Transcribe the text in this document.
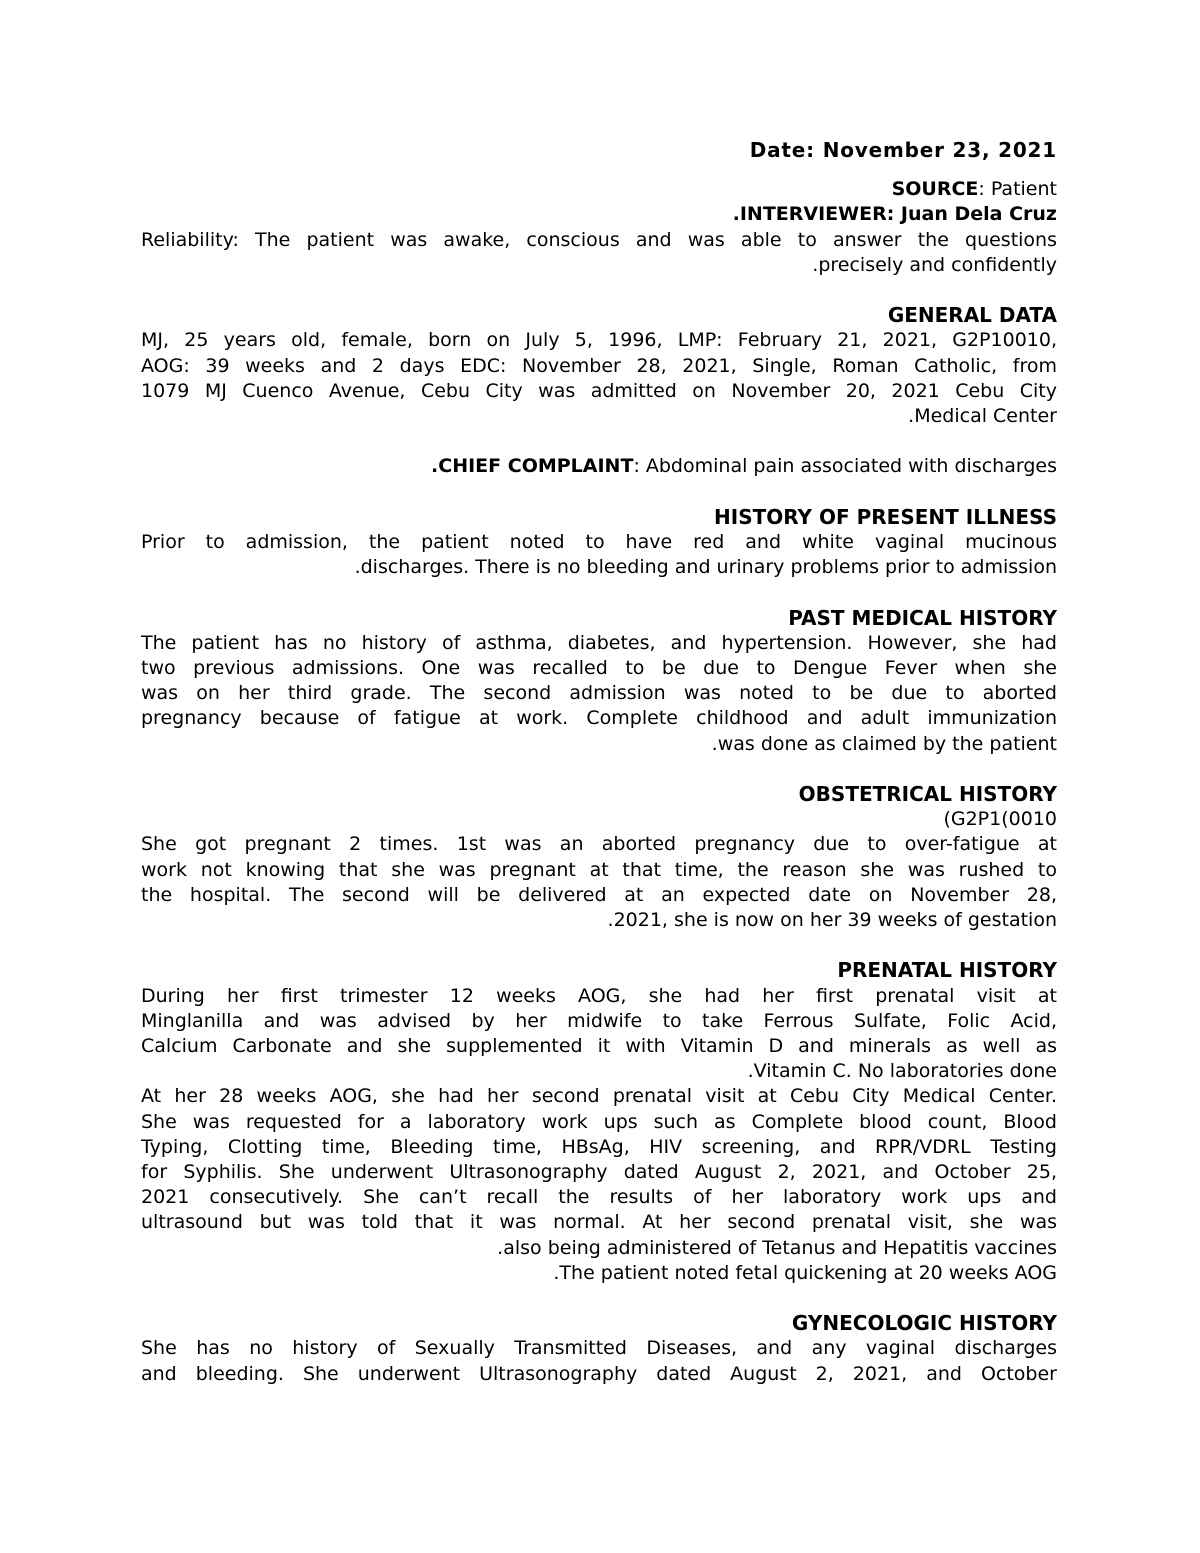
Date: November 23, 2021
SOURCE: Patient
.INTERVIEWER: Juan Dela Cruz
Reliability: The patient was awake, conscious and was able to answer the questions
.precisely and confidently
GENERAL DATA
MJ, 25 years old, female, born on July 5, 1996, LMP: February 21, 2021, G2P10010,
AOG: 39 weeks and 2 days EDC: November 28, 2021, Single, Roman Catholic, from
1079 MJ Cuenco Avenue, Cebu City was admitted on November 20, 2021 Cebu City
.Medical Center
.CHIEF COMPLAINT: Abdominal pain associated with discharges
HISTORY OF PRESENT ILLNESS
Prior to admission, the patient noted to have red and white vaginal mucinous
.discharges. There is no bleeding and urinary problems prior to admission
PAST MEDICAL HISTORY
The patient has no history of asthma, diabetes, and hypertension. However, she had
two previous admissions. One was recalled to be due to Dengue Fever when she
was on her third grade. The second admission was noted to be due to aborted
pregnancy because of fatigue at work. Complete childhood and adult immunization
.was done as claimed by the patient
OBSTETRICAL HISTORY
(G2P1(0010
She got pregnant 2 times. 1st was an aborted pregnancy due to over-fatigue at
work not knowing that she was pregnant at that time, the reason she was rushed to
the hospital. The second will be delivered at an expected date on November 28,
.2021, she is now on her 39 weeks of gestation
PRENATAL HISTORY
During her first trimester 12 weeks AOG, she had her first prenatal visit at
Minglanilla and was advised by her midwife to take Ferrous Sulfate, Folic Acid,
Calcium Carbonate and she supplemented it with Vitamin D and minerals as well as
.Vitamin C. No laboratories done
At her 28 weeks AOG, she had her second prenatal visit at Cebu City Medical Center.
She was requested for a laboratory work ups such as Complete blood count, Blood
Typing, Clotting time, Bleeding time, HBsAg, HIV screening, and RPR/VDRL Testing
for Syphilis. She underwent Ultrasonography dated August 2, 2021, and October 25,
2021 consecutively. She can’t recall the results of her laboratory work ups and
ultrasound but was told that it was normal. At her second prenatal visit, she was
.also being administered of Tetanus and Hepatitis vaccines
.The patient noted fetal quickening at 20 weeks AOG
GYNECOLOGIC HISTORY
She has no history of Sexually Transmitted Diseases, and any vaginal discharges
and bleeding. She underwent Ultrasonography dated August 2, 2021, and October
